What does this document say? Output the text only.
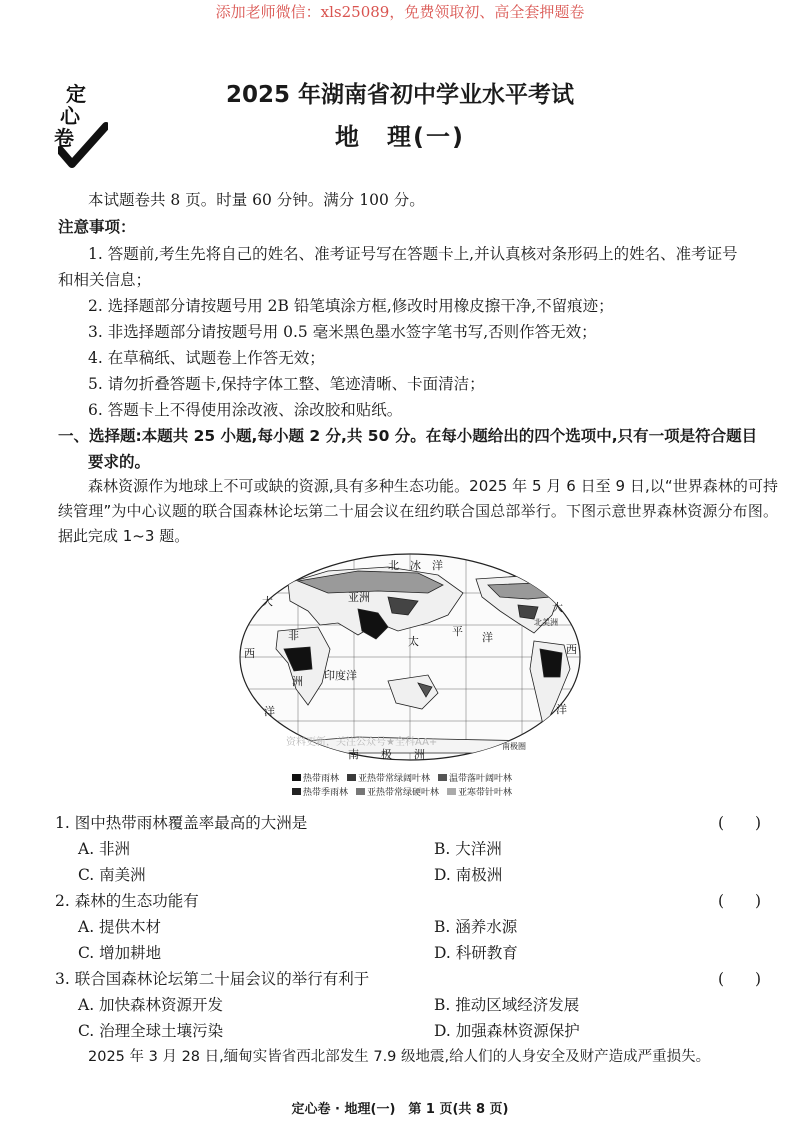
添加老师微信：xls25089，免费领取初、高全套押题卷
定
心
卷
2025 年湖南省初中学业水平考试
地　理(一)
本试题卷共 8 页。时量 60 分钟。满分 100 分。
注意事项：
1. 答题前,考生先将自己的姓名、准考证号写在答题卡上,并认真核对条形码上的姓名、准考证号
和相关信息；
2. 选择题部分请按题号用 2B 铅笔填涂方框,修改时用橡皮擦干净,不留痕迹；
3. 非选择题部分请按题号用 0.5 毫米黑色墨水签字笔书写,否则作答无效；
4. 在草稿纸、试题卷上作答无效；
5. 请勿折叠答题卡,保持字体工整、笔迹清晰、卡面清洁；
6. 答题卡上不得使用涂改液、涂改胶和贴纸。
一、选择题:本题共 25 小题,每小题 2 分,共 50 分。在每小题给出的四个选项中,只有一项是符合题目
要求的。
森林资源作为地球上不可或缺的资源,具有多种生态功能。2025 年 5 月 6 日至 9 日,以“世界森林的可持续管理”为中心议题的联合国森林论坛第二十届会议在纽约联合国总部举行。下图示意世界森林资源分布图。据此完成 1~3 题。
北　冰　洋
大
西
洋
亚洲
非
洲 印度洋
太
平 洋
大
北美洲
西
洋
南　　极　　洲
南极圈
资料更新，关注公众号★全科AA+
热带雨林 亚热带常绿阔叶林 温带落叶阔叶林
热带季雨林 亚热带常绿硬叶林 亚寒带针叶林
1. 图中热带雨林覆盖率最高的大洲是	(　　)
A. 非洲	B. 大洋洲
C. 南美洲	D. 南极洲
2. 森林的生态功能有	(　　)
A. 提供木材	B. 涵养水源
C. 增加耕地	D. 科研教育
3. 联合国森林论坛第二十届会议的举行有利于	(　　)
A. 加快森林资源开发	B. 推动区域经济发展
C. 治理全球土壤污染	D. 加强森林资源保护
2025 年 3 月 28 日,缅甸实皆省西北部发生 7.9 级地震,给人们的人身安全及财产造成严重损失。
定心卷 · 地理(一)　第 1 页(共 8 页)
